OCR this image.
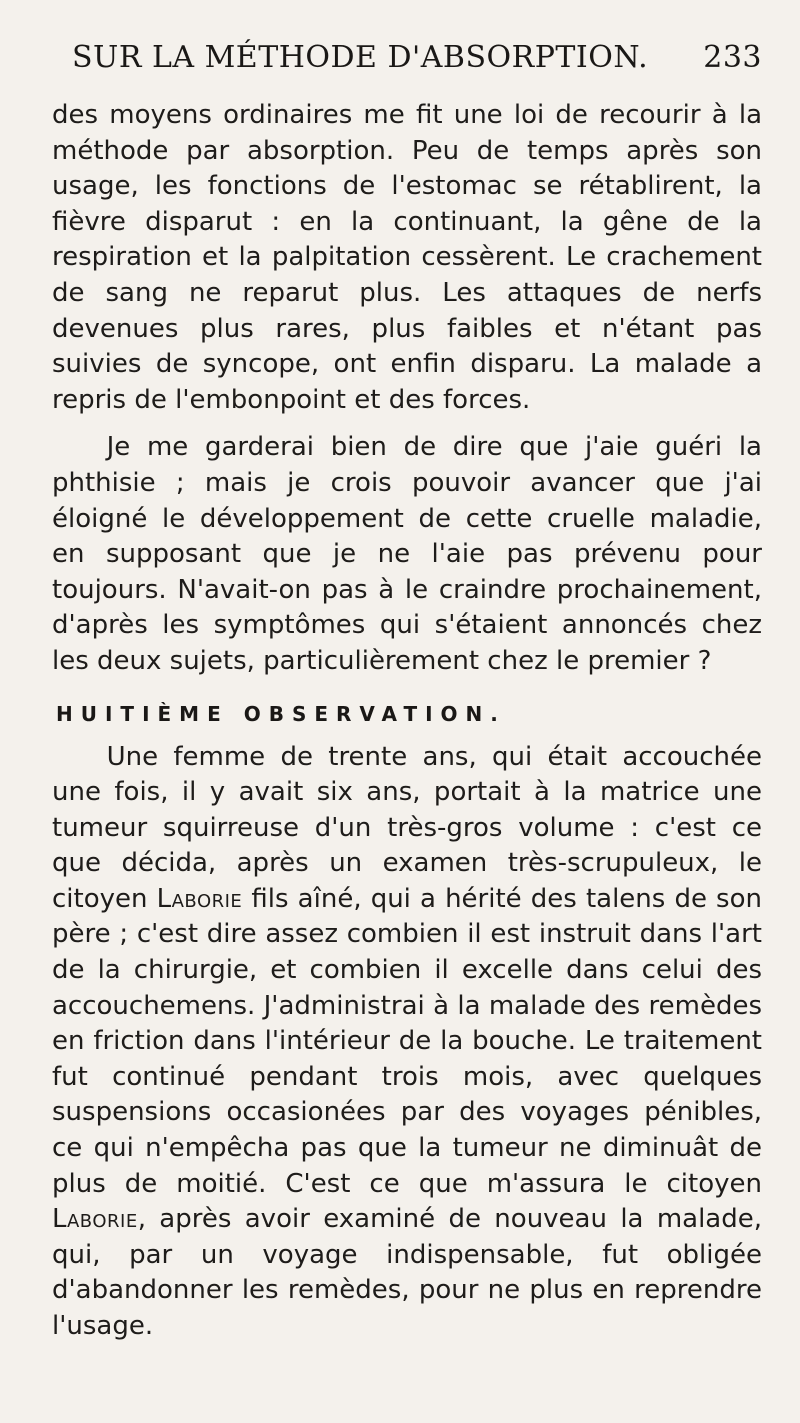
SUR LA MÉTHODE D'ABSORPTION. 233

des moyens ordinaires me fit une loi de recourir à la méthode par absorption. Peu de temps après son usage, les fonctions de l'estomac se rétablirent, la fièvre disparut : en la continuant, la gêne de la respiration et la palpitation cessèrent. Le crachement de sang ne reparut plus. Les attaques de nerfs devenues plus rares, plus faibles et n'étant pas suivies de syncope, ont enfin disparu. La malade a repris de l'embonpoint et des forces.

Je me garderai bien de dire que j'aie guéri la phthisie ; mais je crois pouvoir avancer que j'ai éloigné le développement de cette cruelle maladie, en supposant que je ne l'aie pas prévenu pour toujours. N'avait-on pas à le craindre prochainement, d'après les symptômes qui s'étaient annoncés chez les deux sujets, particulièrement chez le premier ?

HUITIÈME OBSERVATION.

Une femme de trente ans, qui était accouchée une fois, il y avait six ans, portait à la matrice une tumeur squirreuse d'un très-gros volume : c'est ce que décida, après un examen très-scrupuleux, le citoyen Laborie fils aîné, qui a hérité des talens de son père ; c'est dire assez combien il est instruit dans l'art de la chirurgie, et combien il excelle dans celui des accouchemens. J'administrai à la malade des remèdes en friction dans l'intérieur de la bouche. Le traitement fut continué pendant trois mois, avec quelques suspensions occasionées par des voyages pénibles, ce qui n'empêcha pas que la tumeur ne diminuât de plus de moitié. C'est ce que m'assura le citoyen Laborie, après avoir examiné de nouveau la malade, qui, par un voyage indispensable, fut obligée d'abandonner les remèdes, pour ne plus en reprendre l'usage.
